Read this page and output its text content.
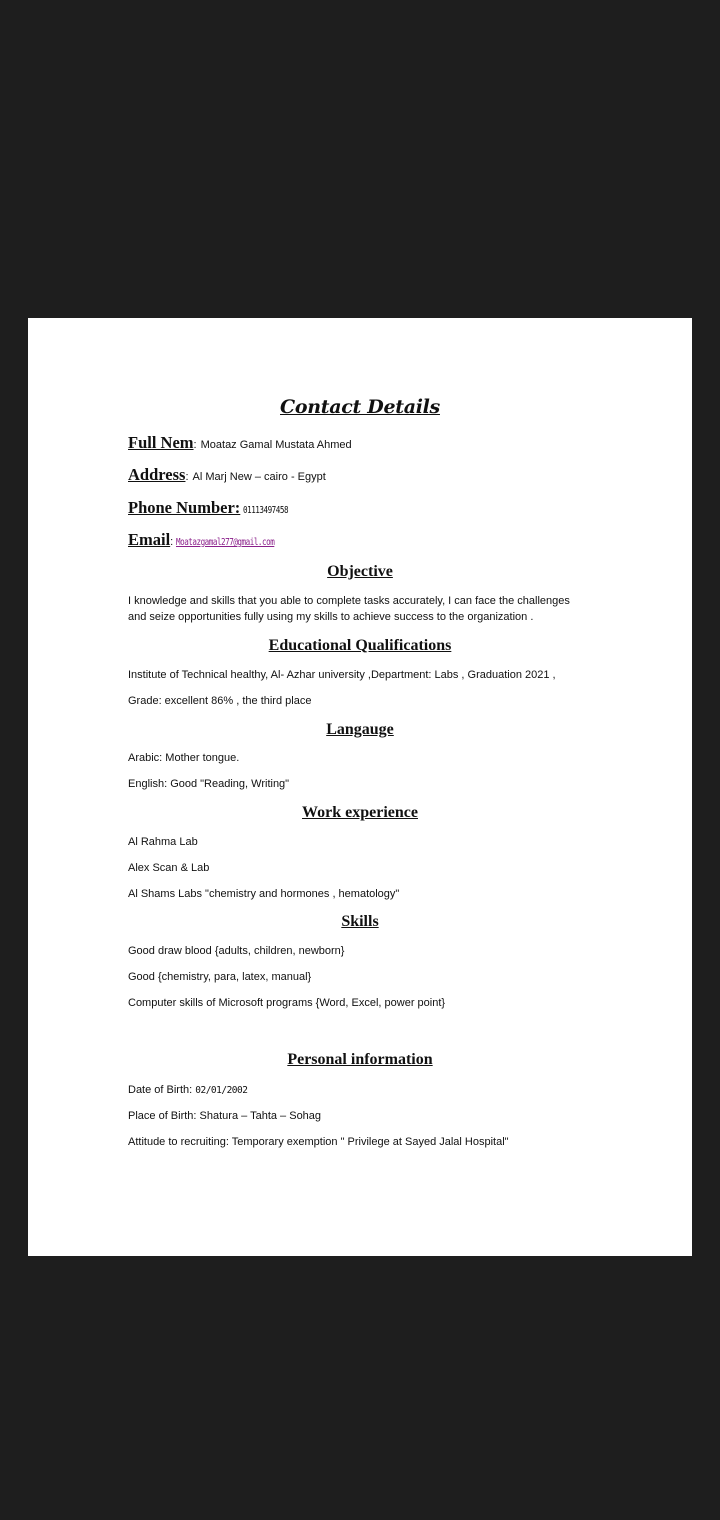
Contact Details
Full Nem: Moataz Gamal Mustata Ahmed
Address: Al Marj New – cairo - Egypt
Phone Number: 01113497458
Email: Moatazgamal277@gmail.com
Objective
I knowledge and skills that you able to complete tasks accurately, I can face the challenges and seize opportunities fully using my skills to achieve success to the organization .
Educational Qualifications
Institute of Technical healthy, Al- Azhar university ,Department: Labs , Graduation 2021 ,
Grade: excellent 86% , the third place
Langauge
Arabic: Mother tongue.
English: Good "Reading, Writing"
Work experience
Al Rahma Lab
Alex Scan & Lab
Al Shams Labs "chemistry and hormones , hematology"
Skills
Good draw blood {adults, children, newborn}
Good {chemistry, para, latex, manual}
Computer skills of Microsoft programs {Word, Excel, power point}
Personal information
Date of Birth: 02/01/2002
Place of Birth: Shatura – Tahta – Sohag
Attitude to recruiting: Temporary exemption " Privilege at Sayed Jalal Hospital"
